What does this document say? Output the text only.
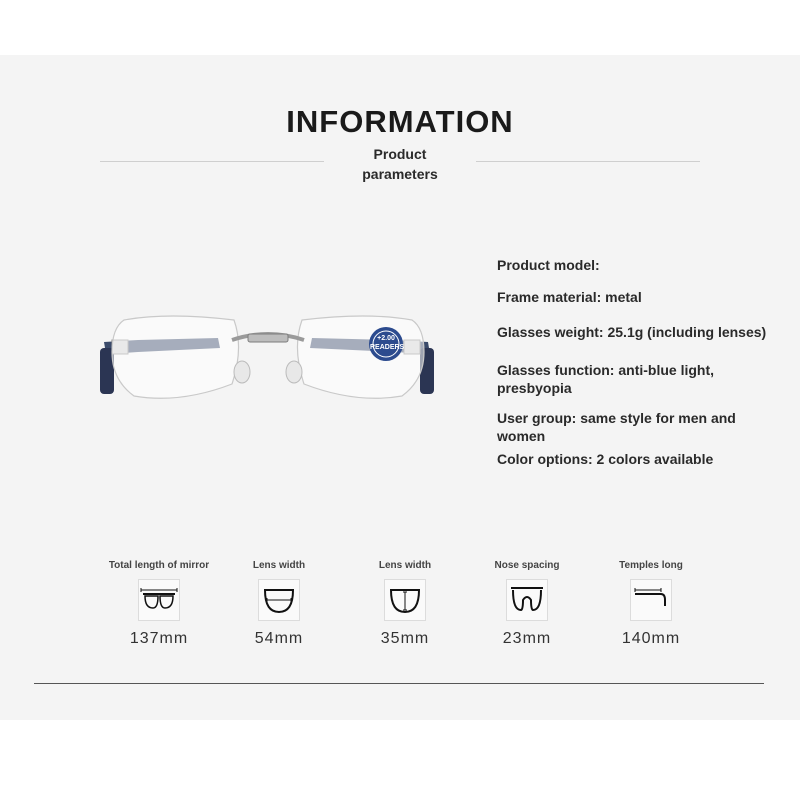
INFORMATION
Product
parameters
+2.00
READERS
Product model:
Frame material: metal
Glasses weight: 25.1g (including lenses)
Glasses function: anti-blue light,
presbyopia
User group: same style for men and
women
Color options: 2 colors available
Total length of mirror
137mm
Lens width
54mm
Lens width
35mm
Nose spacing
23mm
Temples long
140mm
